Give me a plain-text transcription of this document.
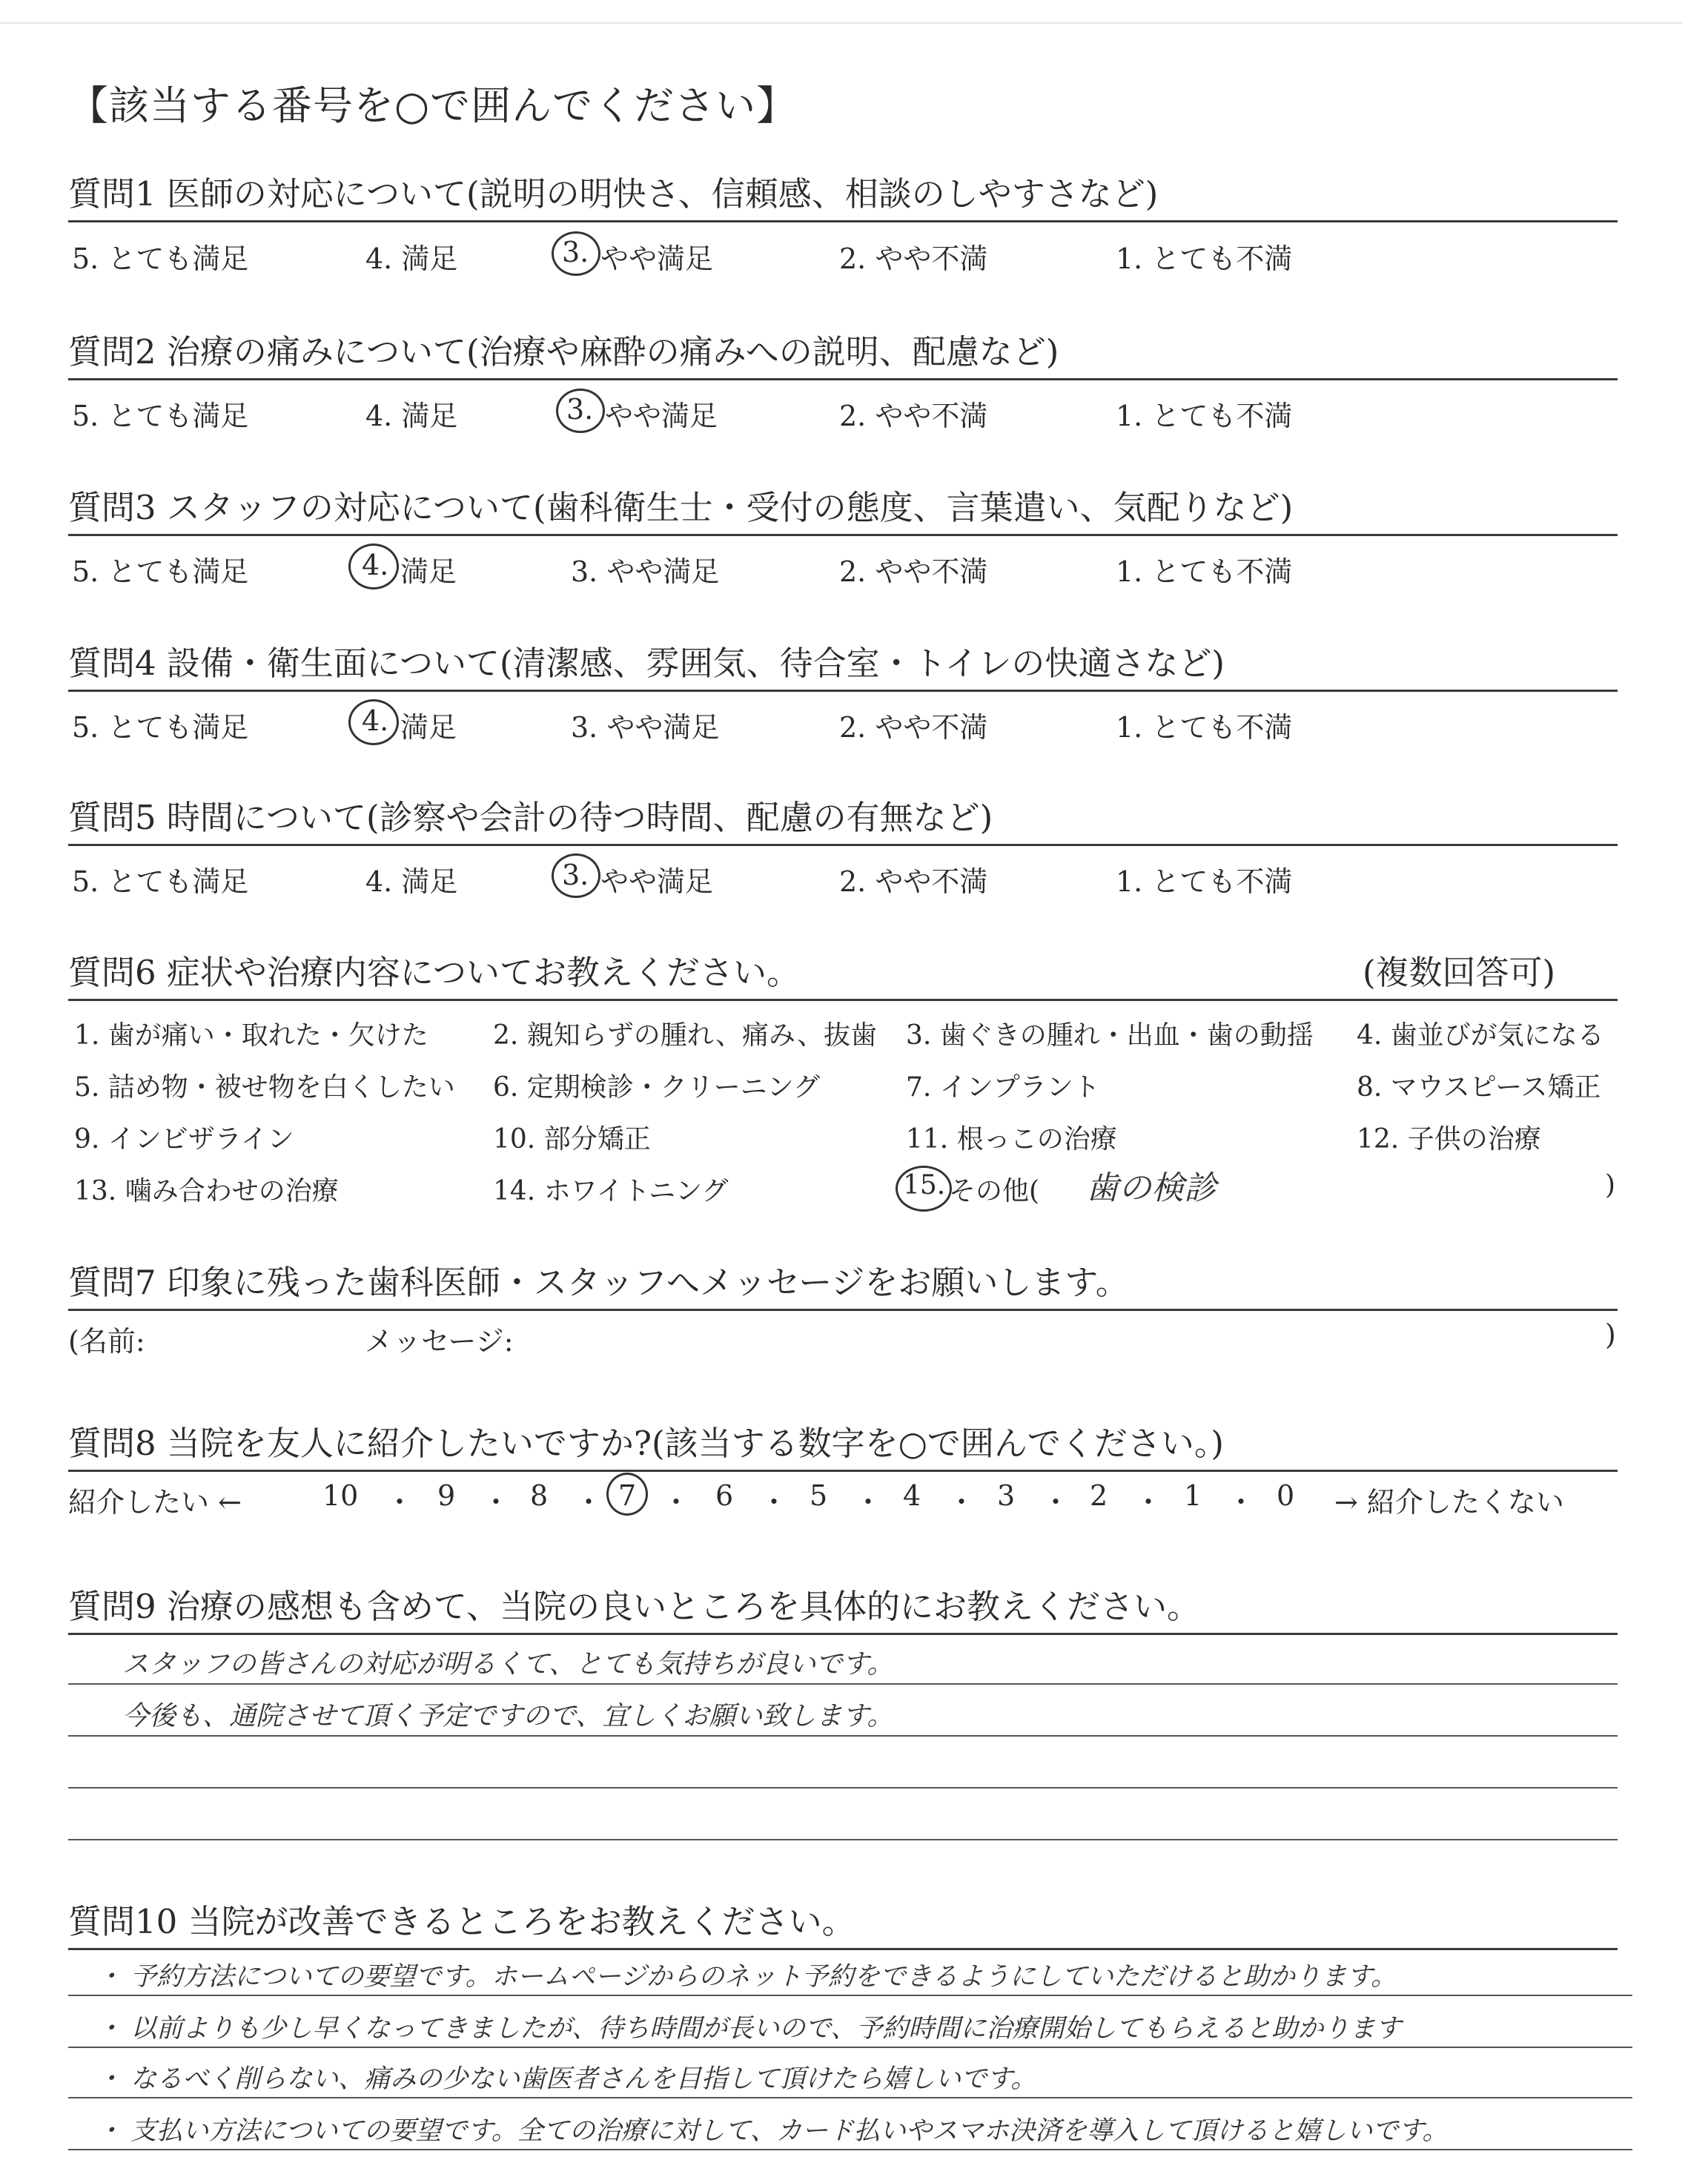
【該当する番号を○で囲んでください】
質問1 医師の対応について(説明の明快さ、信頼感、相談のしやすさなど)
5. とても満足	4. 満足	3. やや満足	2. やや不満	1. とても不満
質問2 治療の痛みについて(治療や麻酔の痛みへの説明、配慮など)
5. とても満足	4. 満足	3. やや満足	2. やや不満	1. とても不満
質問3 スタッフの対応について(歯科衛生士・受付の態度、言葉遣い、気配りなど)
5. とても満足	4. 満足	3. やや満足	2. やや不満	1. とても不満
質問4 設備・衛生面について(清潔感、雰囲気、待合室・トイレの快適さなど)
5. とても満足	4. 満足	3. やや満足	2. やや不満	1. とても不満
質問5 時間について(診察や会計の待つ時間、配慮の有無など)
5. とても満足	4. 満足	3. やや満足	2. やや不満	1. とても不満
質問6 症状や治療内容についてお教えください。	(複数回答可)
1. 歯が痛い・取れた・欠けた 2. 親知らずの腫れ、痛み、抜歯 3. 歯ぐきの腫れ・出血・歯の動揺 4. 歯並びが気になる
5. 詰め物・被せ物を白くしたい 6. 定期検診・クリーニング	7. インプラント	8. マウスピース矯正
9. インビザライン	10. 部分矯正	11. 根っこの治療	12. 子供の治療
13. 噛み合わせの治療	14. ホワイトニング	15. その他( 歯の検診	)
質問7 印象に残った歯科医師・スタッフへメッセージをお願いします。
(名前:	メッセージ:	)
質問8 当院を友人に紹介したいですか?(該当する数字を○で囲んでください。)
紹介したい ←	10 ・ 9 ・ 8 ・ 7 ・ 6 ・ 5 ・ 4 ・ 3 ・ 2 ・ 1 ・ 0 → 紹介したくない
質問9 治療の感想も含めて、当院の良いところを具体的にお教えください。
スタッフの皆さんの対応が明るくて、とても気持ちが良いです。
今後も、通院させて頂く予定ですので、宜しくお願い致します。
質問10 当院が改善できるところをお教えください。
・ 予約方法についての要望です。ホームページからのネット予約をできるようにしていただけると助かります。
・ 以前よりも少し早くなってきましたが、待ち時間が長いので、予約時間に治療開始してもらえると助かります
・ なるべく削らない、痛みの少ない歯医者さんを目指して頂けたら嬉しいです。
・ 支払い方法についての要望です。全ての治療に対して、カード払いやスマホ決済を導入して頂けると嬉しいです。
